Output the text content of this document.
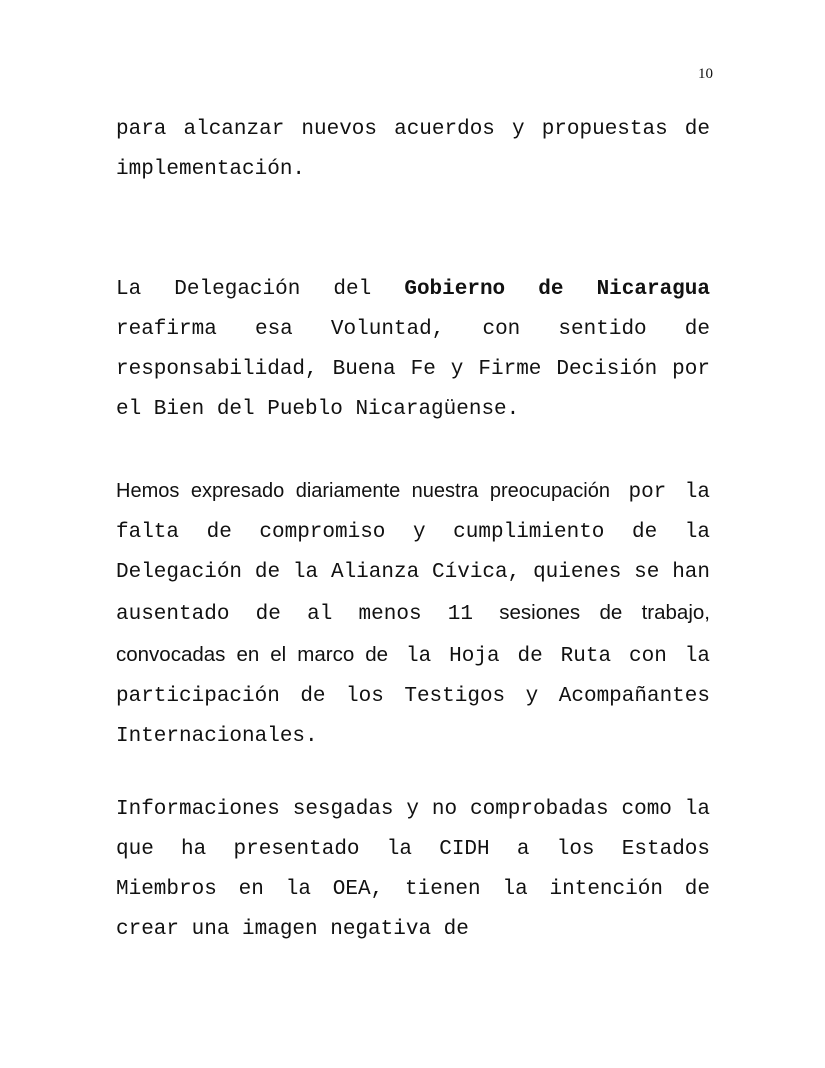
10

para alcanzar nuevos acuerdos y propuestas de implementación.

La Delegación del Gobierno de Nicaragua reafirma esa Voluntad, con sentido de responsabilidad, Buena Fe y Firme Decisión por el Bien del Pueblo Nicaragüense.

Hemos expresado diariamente nuestra preocupación por la falta de compromiso y cumplimiento de la Delegación de la Alianza Cívica, quienes se han ausentado de al menos 11 sesiones de trabajo, convocadas en el marco de la Hoja de Ruta con la participación de los Testigos y Acompañantes Internacionales.

Informaciones sesgadas y no comprobadas como la que ha presentado la CIDH a los Estados Miembros en la OEA, tienen la intención de crear una imagen negativa de
